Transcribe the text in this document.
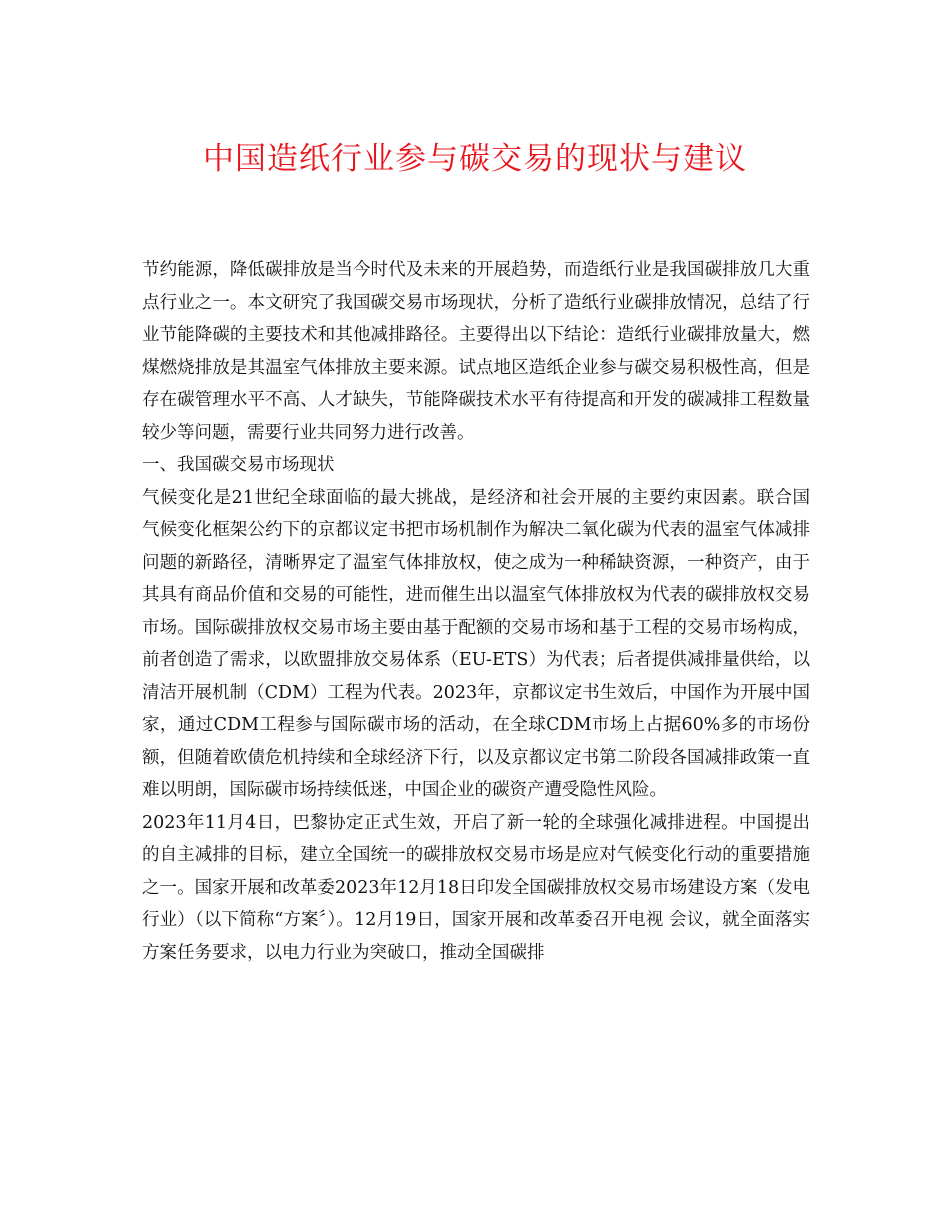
中国造纸行业参与碳交易的现状与建议

节约能源，降低碳排放是当今时代及未来的开展趋势，而造纸行业是我国碳排放几大重点行业之一。本文研究了我国碳交易市场现状，分析了造纸行业碳排放情况，总结了行业节能降碳的主要技术和其他减排路径。主要得出以下结论：造纸行业碳排放量大，燃煤燃烧排放是其温室气体排放主要来源。试点地区造纸企业参与碳交易积极性高，但是存在碳管理水平不高、人才缺失，节能降碳技术水平有待提高和开发的碳减排工程数量较少等问题，需要行业共同努力进行改善。

一、我国碳交易市场现状

气候变化是21世纪全球面临的最大挑战，是经济和社会开展的主要约束因素。联合国气候变化框架公约下的京都议定书把市场机制作为解决二氧化碳为代表的温室气体减排问题的新路径，清晰界定了温室气体排放权，使之成为一种稀缺资源，一种资产，由于其具有商品价值和交易的可能性，进而催生出以温室气体排放权为代表的碳排放权交易市场。国际碳排放权交易市场主要由基于配额的交易市场和基于工程的交易市场构成，前者创造了需求，以欧盟排放交易体系（EU-ETS）为代表；后者提供减排量供给，以清洁开展机制（CDM）工程为代表。2023年，京都议定书生效后，中国作为开展中国家，通过CDM工程参与国际碳市场的活动，在全球CDM市场上占据60%多的市场份额，但随着欧债危机持续和全球经济下行，以及京都议定书第二阶段各国减排政策一直难以明朗，国际碳市场持续低迷，中国企业的碳资产遭受隐性风险。

2023年11月4日，巴黎协定正式生效，开启了新一轮的全球强化减排进程。中国提出的自主减排的目标，建立全国统一的碳排放权交易市场是应对气候变化行动的重要措施之一。国家开展和改革委2023年12月18日印发全国碳排放权交易市场建设方案（发电行业）（以下简称“方案〞）。12月19日，国家开展和改革委召开电视 会议，就全面落实方案任务要求，以电力行业为突破口，推动全国碳排
